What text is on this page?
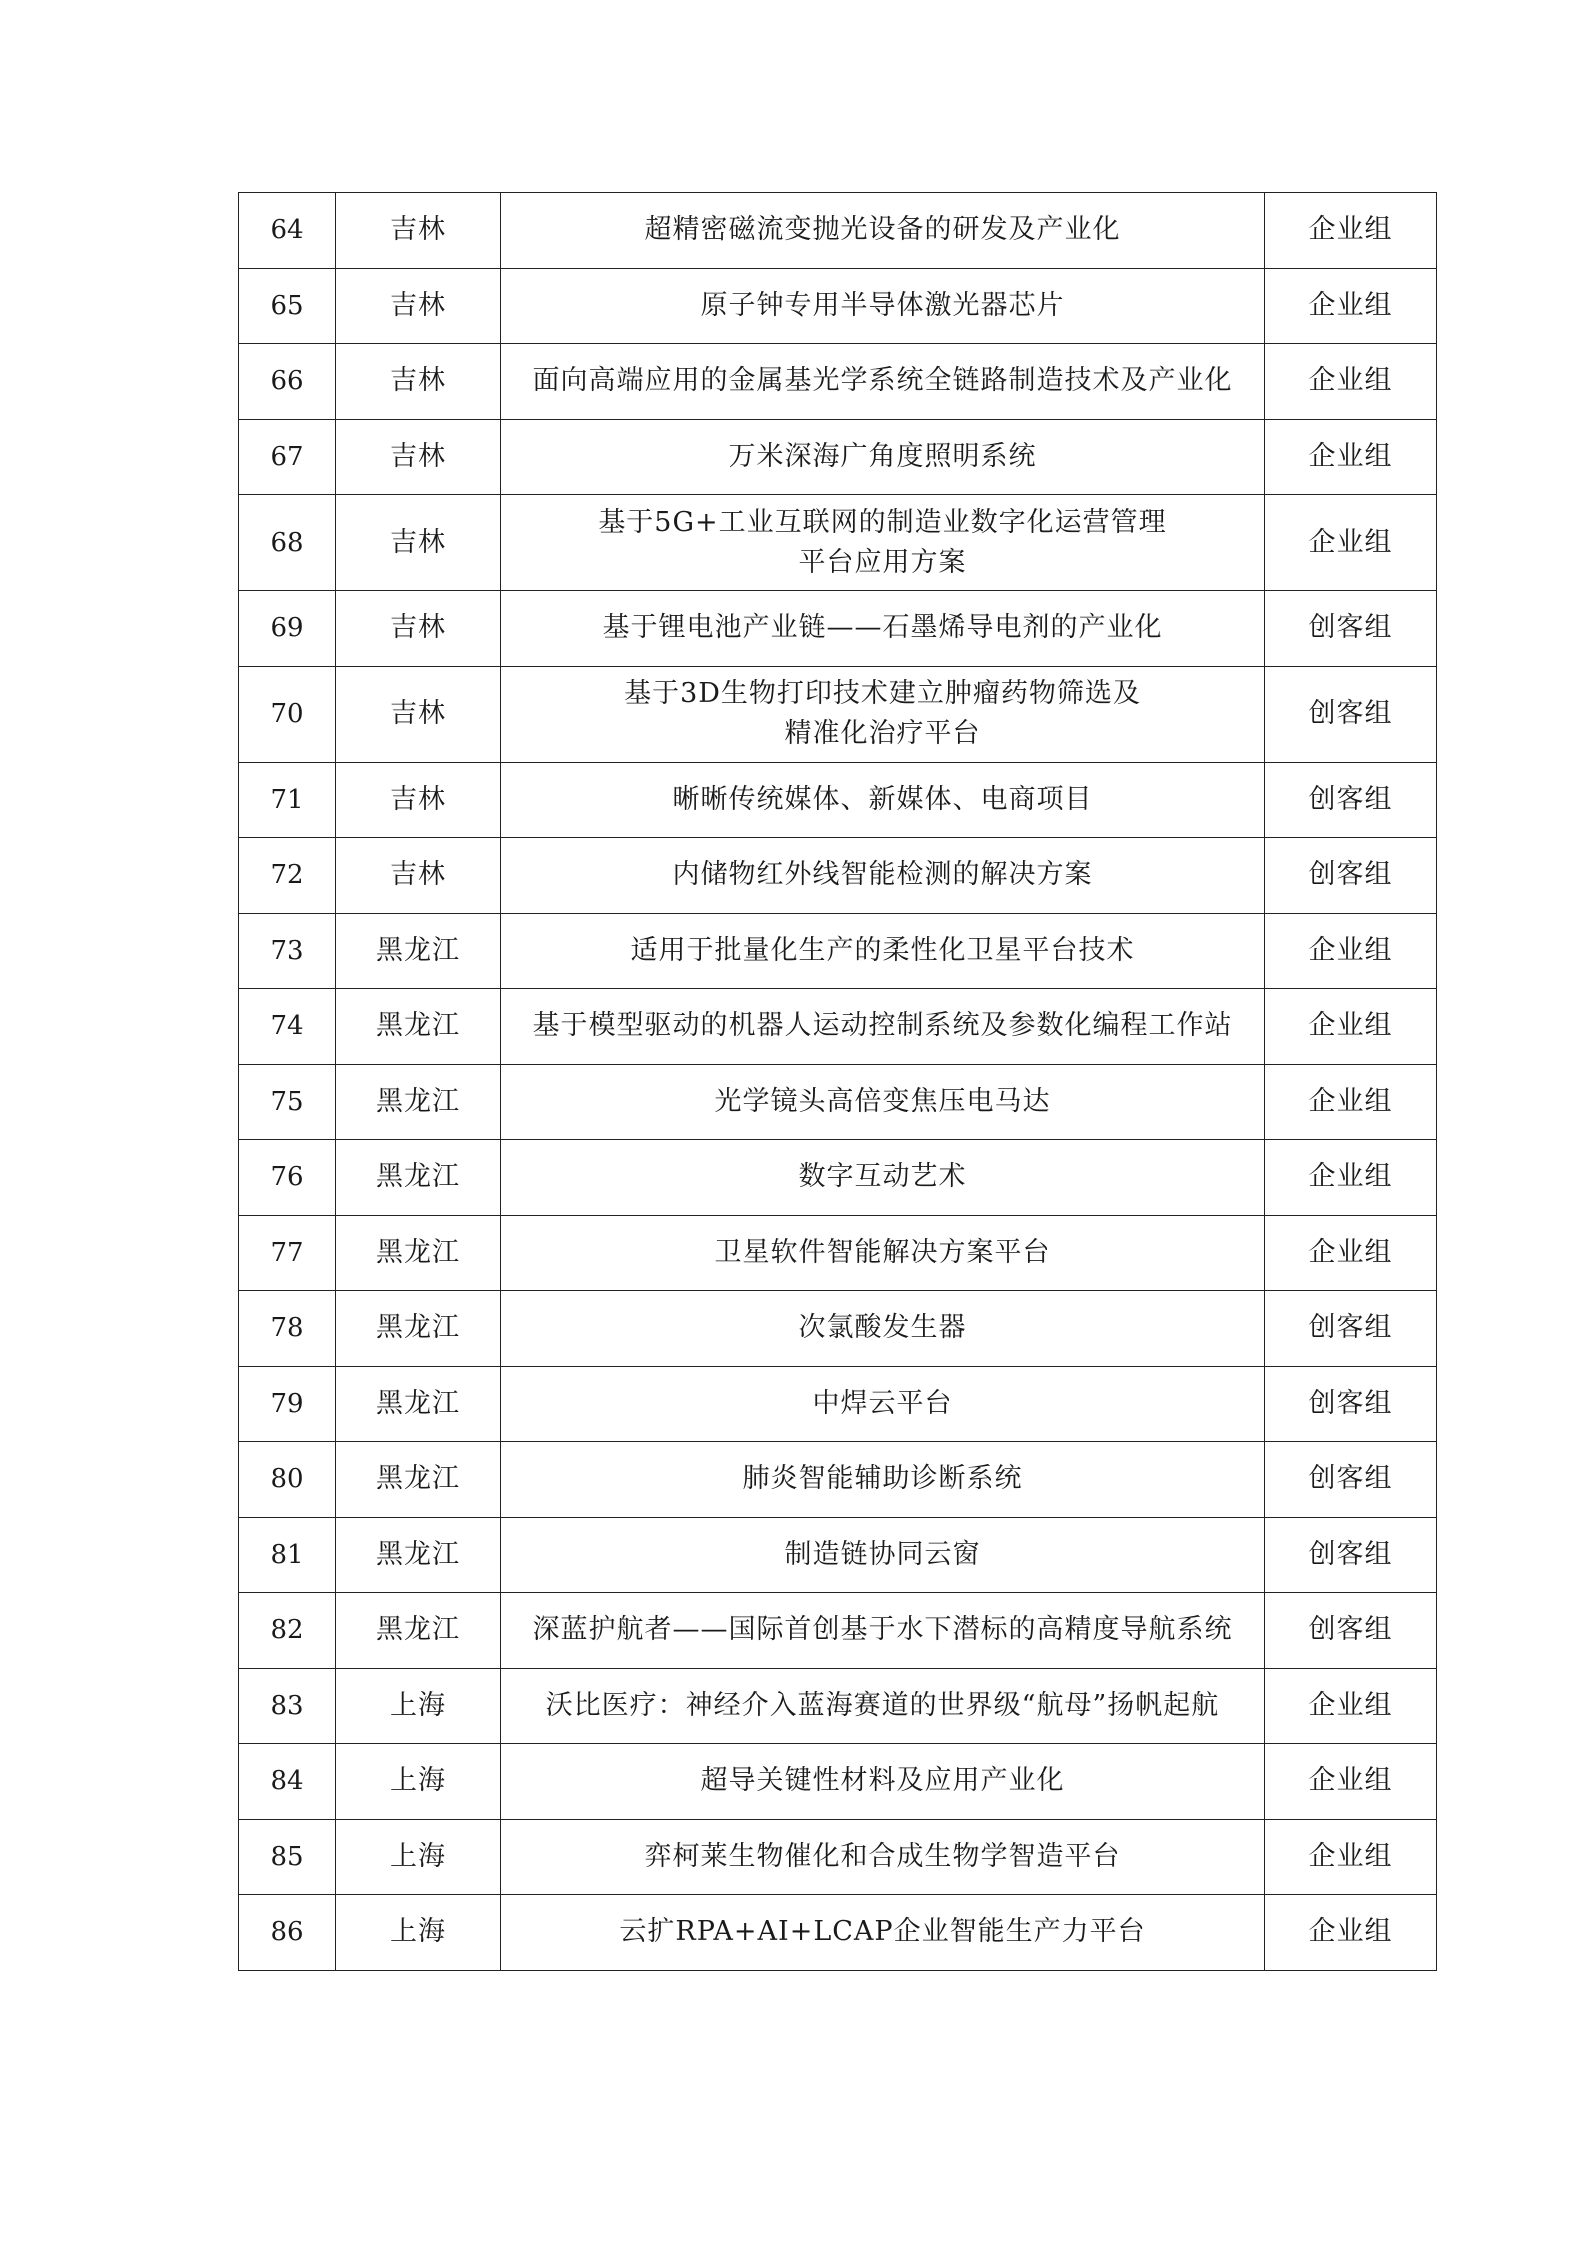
64	吉林	超精密磁流变抛光设备的研发及产业化	企业组
65	吉林	原子钟专用半导体激光器芯片	企业组
66	吉林	面向高端应用的金属基光学系统全链路制造技术及产业化	企业组
67	吉林	万米深海广角度照明系统	企业组
68	吉林	基于5G+工业互联网的制造业数字化运营管理
平台应用方案	企业组
69	吉林	基于锂电池产业链——石墨烯导电剂的产业化	创客组
70	吉林	基于3D生物打印技术建立肿瘤药物筛选及
精准化治疗平台	创客组
71	吉林	晰晰传统媒体、新媒体、电商项目	创客组
72	吉林	内储物红外线智能检测的解决方案	创客组
73	黑龙江	适用于批量化生产的柔性化卫星平台技术	企业组
74	黑龙江	基于模型驱动的机器人运动控制系统及参数化编程工作站	企业组
75	黑龙江	光学镜头高倍变焦压电马达	企业组
76	黑龙江	数字互动艺术	企业组
77	黑龙江	卫星软件智能解决方案平台	企业组
78	黑龙江	次氯酸发生器	创客组
79	黑龙江	中焊云平台	创客组
80	黑龙江	肺炎智能辅助诊断系统	创客组
81	黑龙江	制造链协同云窗	创客组
82	黑龙江	深蓝护航者——国际首创基于水下潜标的高精度导航系统	创客组
83	上海	沃比医疗：神经介入蓝海赛道的世界级“航母”扬帆起航	企业组
84	上海	超导关键性材料及应用产业化	企业组
85	上海	弈柯莱生物催化和合成生物学智造平台	企业组
86	上海	云扩RPA+AI+LCAP企业智能生产力平台	企业组
